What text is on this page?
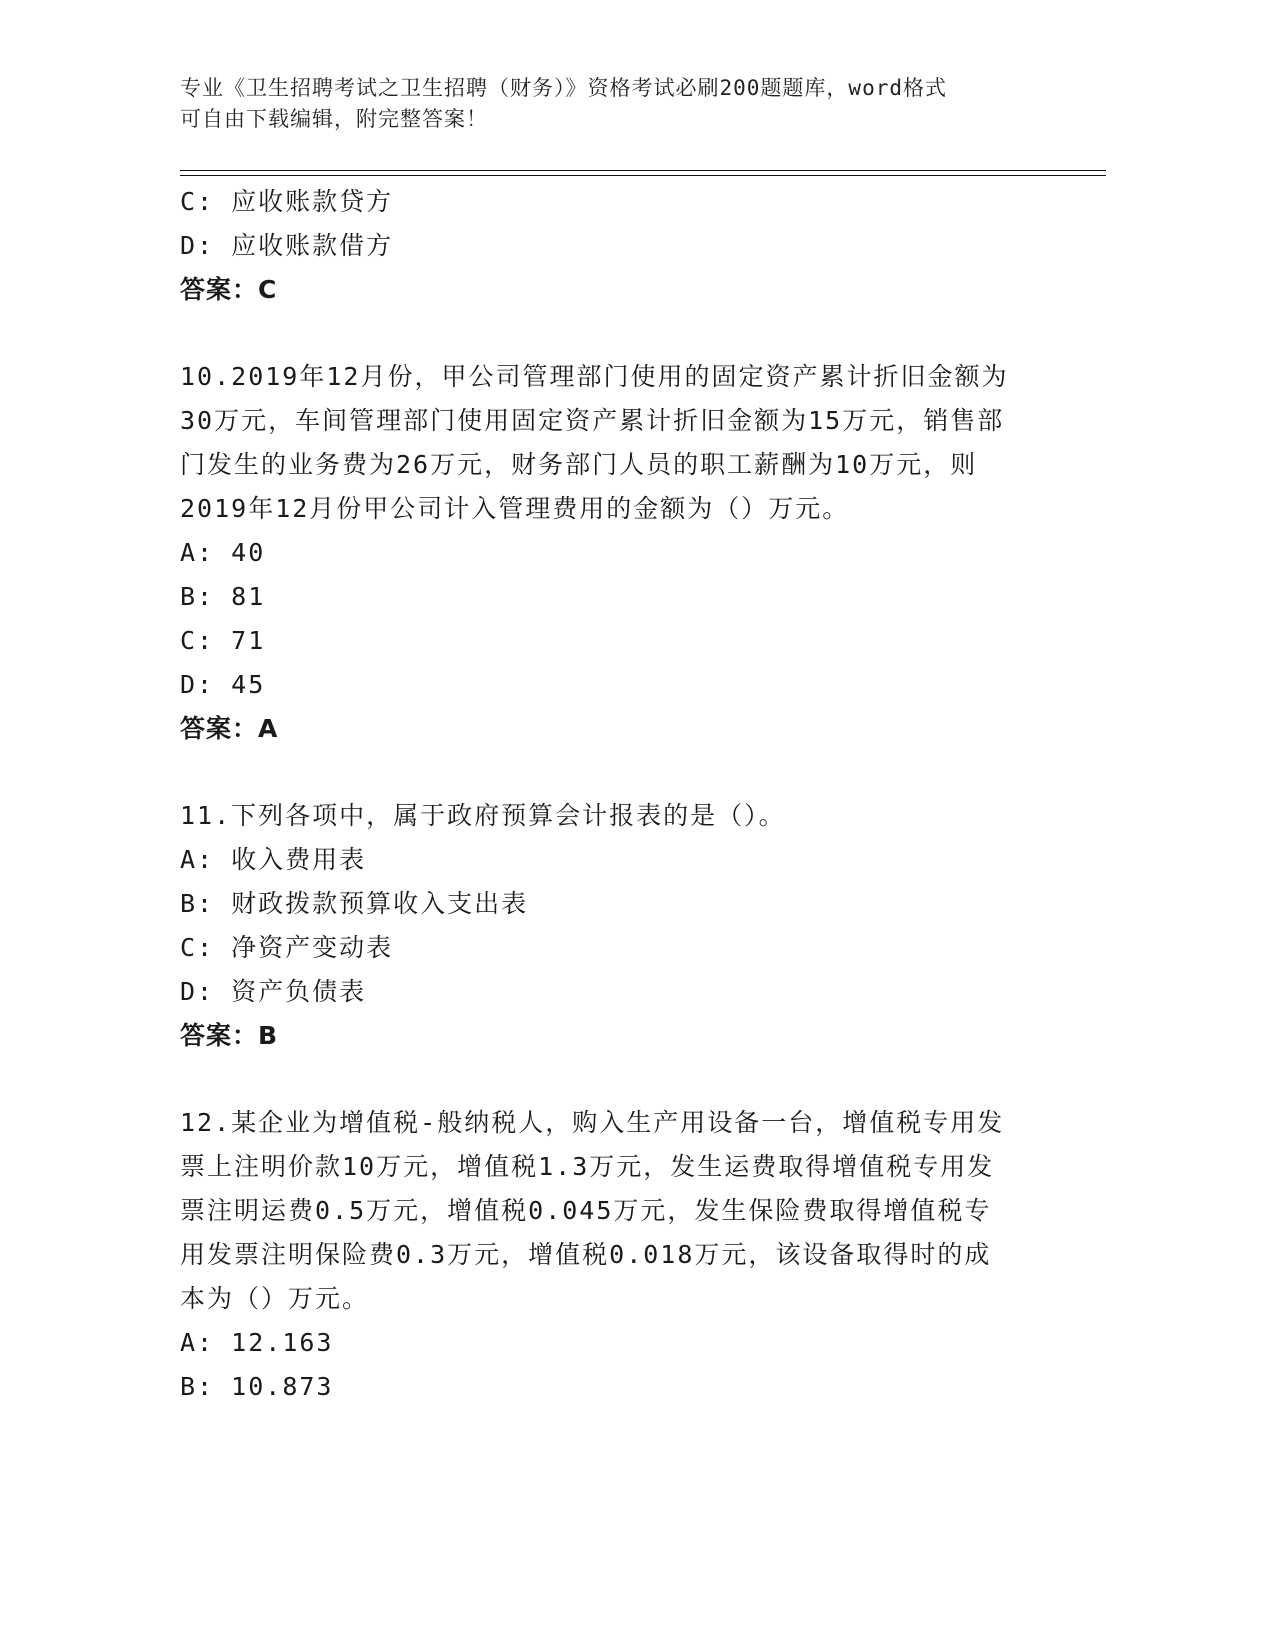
专业《卫生招聘考试之卫生招聘（财务）》资格考试必刷200题题库，word格式
可自由下载编辑，附完整答案！
C: 应收账款贷方
D: 应收账款借方
答案：C
10.2019年12月份，甲公司管理部门使用的固定资产累计折旧金额为
30万元，车间管理部门使用固定资产累计折旧金额为15万元，销售部
门发生的业务费为26万元，财务部门人员的职工薪酬为10万元，则
2019年12月份甲公司计入管理费用的金额为（）万元。
A: 40
B: 81
C: 71
D: 45
答案：A
11.下列各项中，属于政府预算会计报表的是（）。
A: 收入费用表
B: 财政拨款预算收入支出表
C: 净资产变动表
D: 资产负债表
答案：B
12.某企业为增值税-般纳税人，购入生产用设备一台，增值税专用发
票上注明价款10万元，增值税1.3万元，发生运费取得增值税专用发
票注明运费0.5万元，增值税0.045万元，发生保险费取得增值税专
用发票注明保险费0.3万元，增值税0.018万元，该设备取得时的成
本为（）万元。
A: 12.163
B: 10.873
